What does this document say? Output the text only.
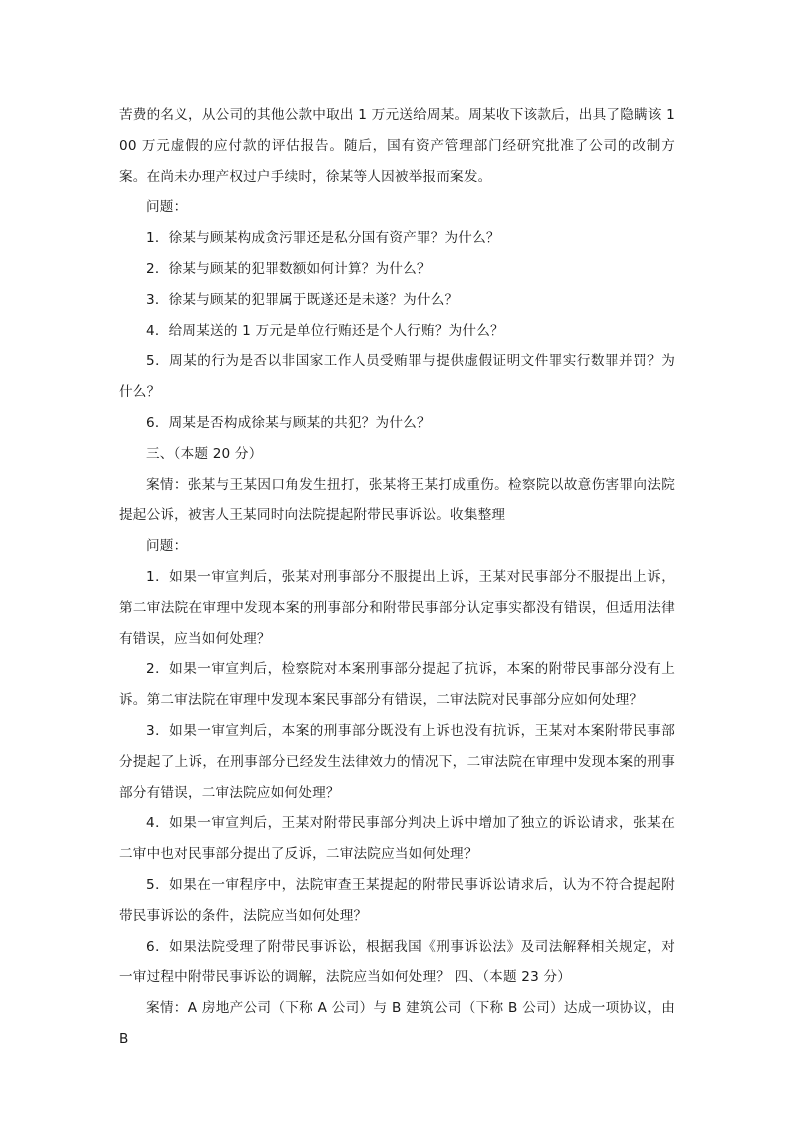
苦费的名义，从公司的其他公款中取出 1 万元送给周某。周某收下该款后，出具了隐瞒该 100 万元虚假的应付款的评估报告。随后，国有资产管理部门经研究批准了公司的改制方案。在尚未办理产权过户手续时，徐某等人因被举报而案发。

问题：

1．徐某与顾某构成贪污罪还是私分国有资产罪？为什么？

2．徐某与顾某的犯罪数额如何计算？为什么？

3．徐某与顾某的犯罪属于既遂还是未遂？为什么？

4．给周某送的 1 万元是单位行贿还是个人行贿？为什么？

5．周某的行为是否以非国家工作人员受贿罪与提供虚假证明文件罪实行数罪并罚？为什么？

6．周某是否构成徐某与顾某的共犯？为什么？

三、（本题 20 分）

案情：张某与王某因口角发生扭打，张某将王某打成重伤。检察院以故意伤害罪向法院提起公诉，被害人王某同时向法院提起附带民事诉讼。收集整理

问题：

1．如果一审宣判后，张某对刑事部分不服提出上诉，王某对民事部分不服提出上诉，第二审法院在审理中发现本案的刑事部分和附带民事部分认定事实都没有错误，但适用法律有错误，应当如何处理？

2．如果一审宣判后，检察院对本案刑事部分提起了抗诉，本案的附带民事部分没有上诉。第二审法院在审理中发现本案民事部分有错误，二审法院对民事部分应如何处理？

3．如果一审宣判后，本案的刑事部分既没有上诉也没有抗诉，王某对本案附带民事部分提起了上诉，在刑事部分已经发生法律效力的情况下，二审法院在审理中发现本案的刑事部分有错误，二审法院应如何处理？

4．如果一审宣判后，王某对附带民事部分判决上诉中增加了独立的诉讼请求，张某在二审中也对民事部分提出了反诉，二审法院应当如何处理？

5．如果在一审程序中，法院审查王某提起的附带民事诉讼请求后，认为不符合提起附带民事诉讼的条件，法院应当如何处理？

6．如果法院受理了附带民事诉讼，根据我国《刑事诉讼法》及司法解释相关规定，对一审过程中附带民事诉讼的调解，法院应当如何处理？ 四、（本题 23 分）

案情：A 房地产公司（下称 A 公司）与 B 建筑公司（下称 B 公司）达成一项协议，由 B
